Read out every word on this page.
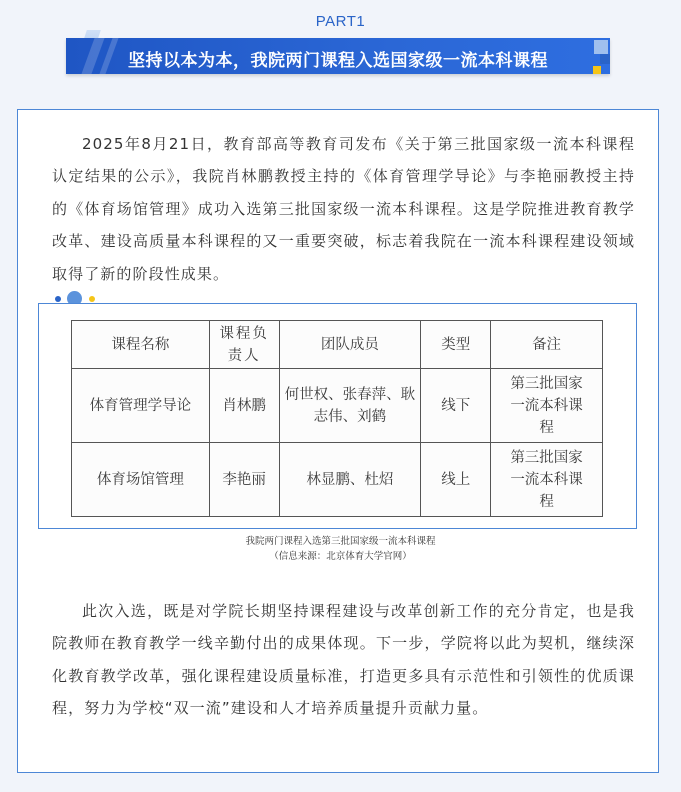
PART1
坚持以本为本，我院两门课程入选国家级一流本科课程

2025年8月21日，教育部高等教育司发布《关于第三批国家级一流本科课程认定结果的公示》，我院肖林鹏教授主持的《体育管理学导论》与李艳丽教授主持的《体育场馆管理》成功入选第三批国家级一流本科课程。这是学院推进教育教学改革、建设高质量本科课程的又一重要突破，标志着我院在一流本科课程建设领域取得了新的阶段性成果。

课程名称	课程负责人	团队成员	类型	备注
体育管理学导论	肖林鹏	何世权、张春萍、耿志伟、刘鹤	线下	第三批国家一流本科课程
体育场馆管理	李艳丽	林显鹏、杜炤	线上	第三批国家一流本科课程
我院两门课程入选第三批国家级一流本科课程
（信息来源：北京体育大学官网）

此次入选，既是对学院长期坚持课程建设与改革创新工作的充分肯定，也是我院教师在教育教学一线辛勤付出的成果体现。下一步，学院将以此为契机，继续深化教育教学改革，强化课程建设质量标准，打造更多具有示范性和引领性的优质课程，努力为学校“双一流”建设和人才培养质量提升贡献力量。
